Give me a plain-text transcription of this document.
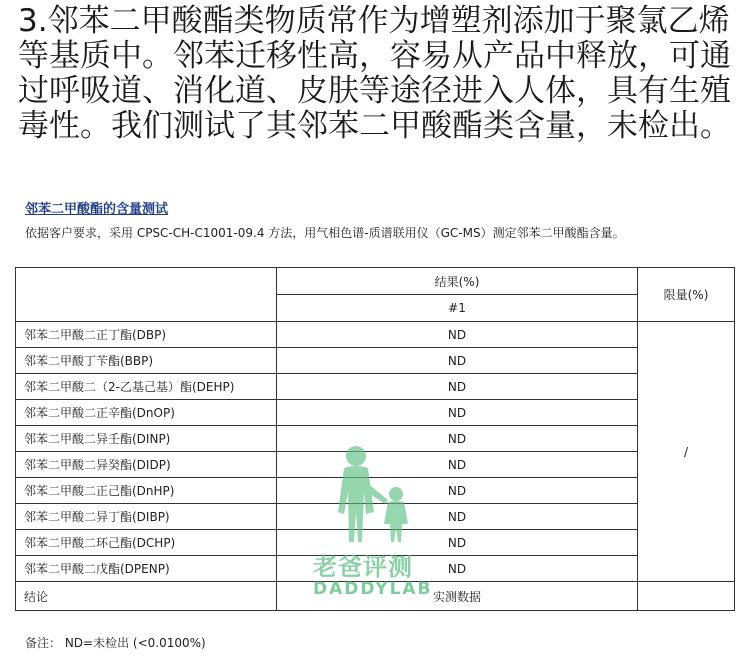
3.邻苯二甲酸酯类物质常作为增塑剂添加于聚氯乙烯等基质中。邻苯迁移性高，容易从产品中释放，可通过呼吸道、消化道、皮肤等途径进入人体，具有生殖毒性。我们测试了其邻苯二甲酸酯类含量，未检出。
邻苯二甲酸酯的含量测试
依据客户要求，采用 CPSC-CH-C1001-09.4 方法，用气相色谱-质谱联用仪（GC-MS）测定邻苯二甲酸酯含量。
	结果(%)	限量(%)
	#1	
邻苯二甲酸二正丁酯(DBP)	ND	/
邻苯二甲酸丁苄酯(BBP)	ND	
邻苯二甲酸二（2-乙基己基）酯(DEHP)	ND	
邻苯二甲酸二正辛酯(DnOP)	ND	
邻苯二甲酸二异壬酯(DINP)	ND	
邻苯二甲酸二异癸酯(DIDP)	ND	
邻苯二甲酸二正己酯(DnHP)	ND	
邻苯二甲酸二异丁酯(DIBP)	ND	
邻苯二甲酸二环己酯(DCHP)	ND	
邻苯二甲酸二戊酯(DPENP)	ND	
结论	实测数据	
老爸评测
DADDYLAB
备注： ND=未检出 (<0.0100%)
